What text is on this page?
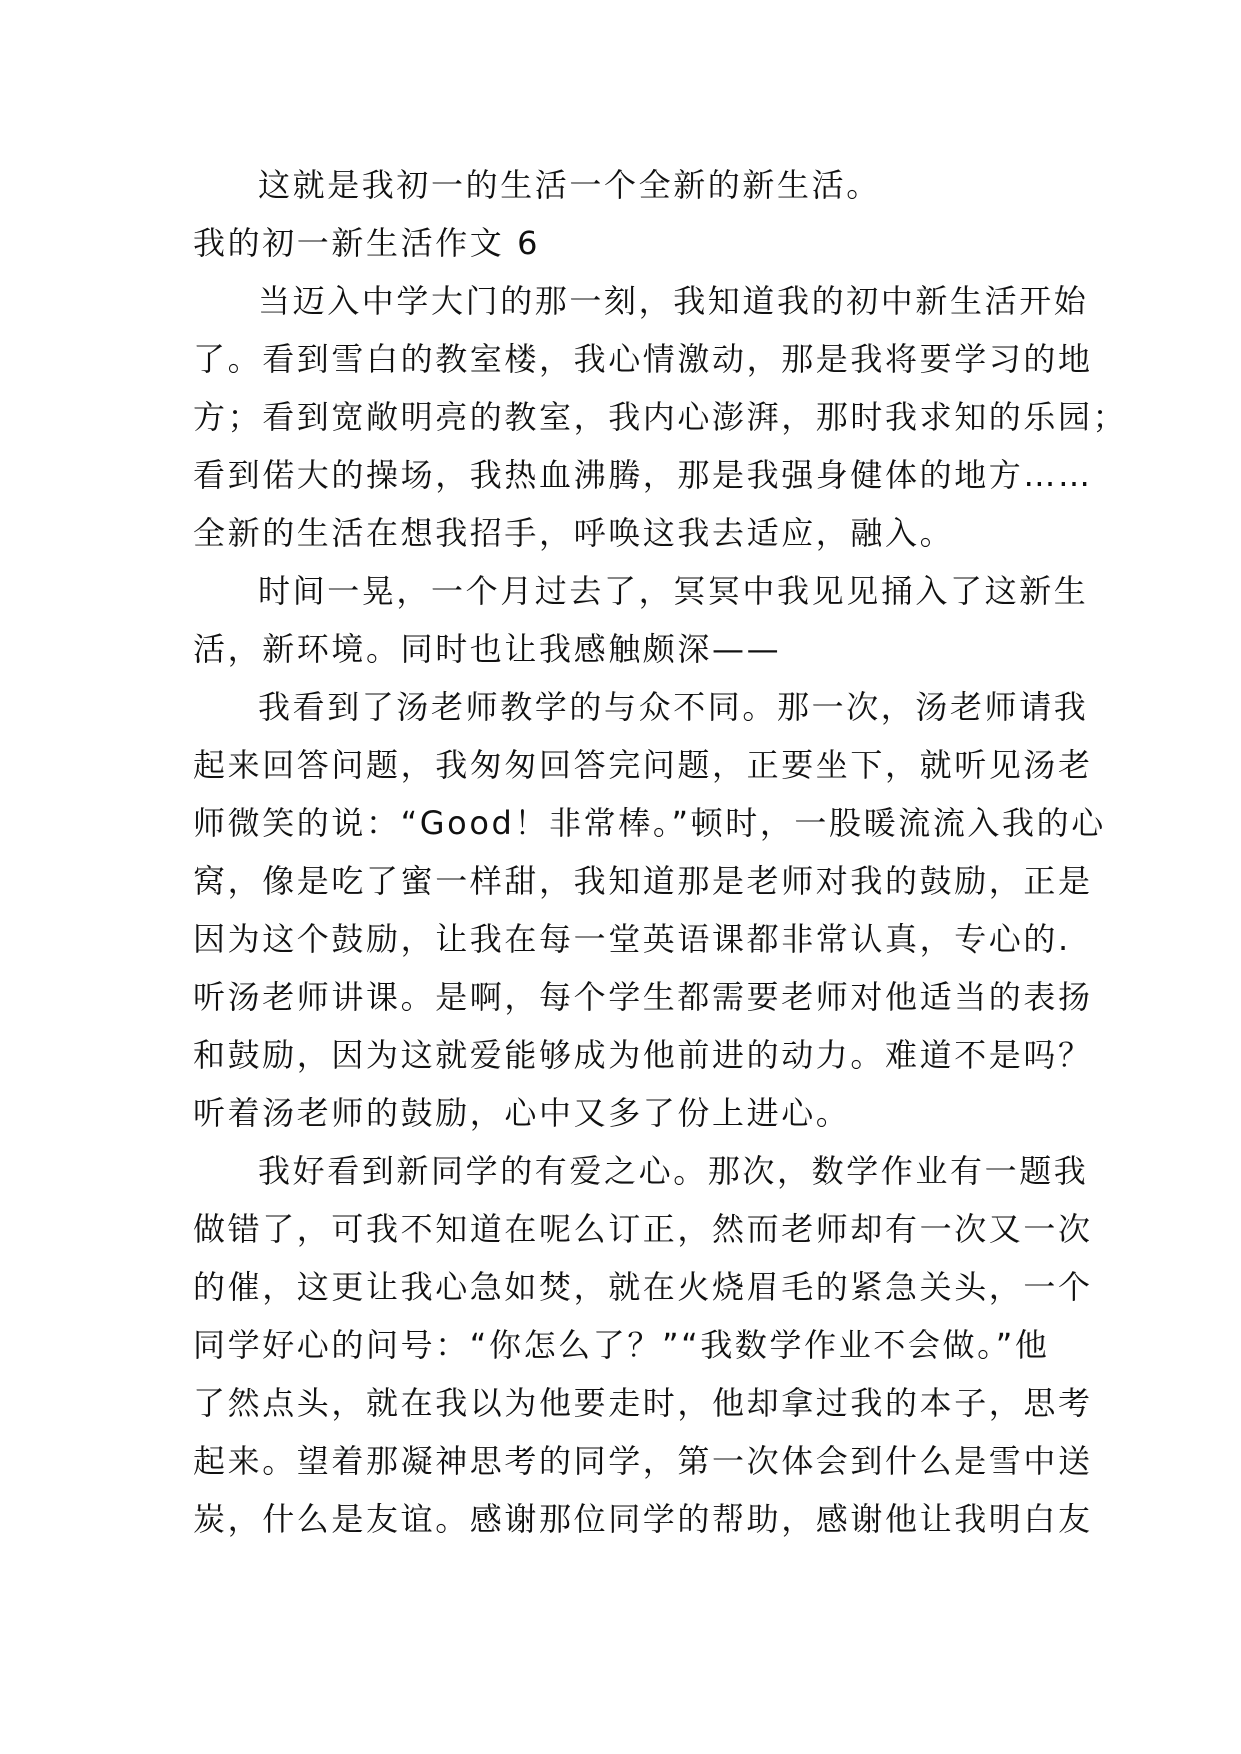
这就是我初一的生活一个全新的新生活。
我的初一新生活作文 6
当迈入中学大门的那一刻，我知道我的初中新生活开始
了。看到雪白的教室楼，我心情激动，那是我将要学习的地
方；看到宽敞明亮的教室，我内心澎湃，那时我求知的乐园；
看到偌大的操场，我热血沸腾，那是我强身健体的地方……
全新的生活在想我招手，呼唤这我去适应，融入。
时间一晃，一个月过去了，冥冥中我见见捅入了这新生
活，新环境。同时也让我感触颇深——
我看到了汤老师教学的与众不同。那一次，汤老师请我
起来回答问题，我匆匆回答完问题，正要坐下，就听见汤老
师微笑的说：“Good！非常棒。”顿时，一股暖流流入我的心
窝，像是吃了蜜一样甜，我知道那是老师对我的鼓励，正是
因为这个鼓励，让我在每一堂英语课都非常认真，专心的.
听汤老师讲课。是啊，每个学生都需要老师对他适当的表扬
和鼓励，因为这就爱能够成为他前进的动力。难道不是吗？
听着汤老师的鼓励，心中又多了份上进心。
我好看到新同学的有爱之心。那次，数学作业有一题我
做错了，可我不知道在呢么订正，然而老师却有一次又一次
的催，这更让我心急如焚，就在火烧眉毛的紧急关头，一个
同学好心的问号：“你怎么了？”“我数学作业不会做。”他
了然点头，就在我以为他要走时，他却拿过我的本子，思考
起来。望着那凝神思考的同学，第一次体会到什么是雪中送
炭，什么是友谊。感谢那位同学的帮助，感谢他让我明白友
